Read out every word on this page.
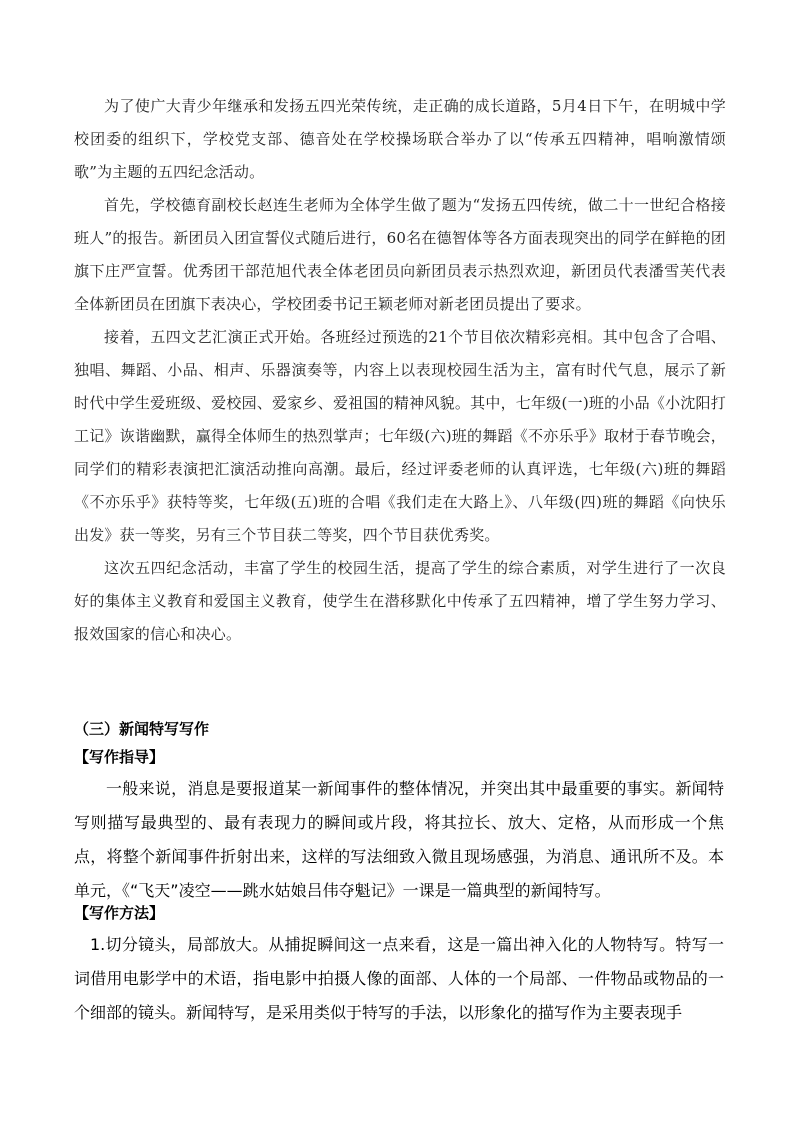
为了使广大青少年继承和发扬五四光荣传统，走正确的成长道路，5月4日下午，在明城中学校团委的组织下，学校党支部、德音处在学校操场联合举办了以“传承五四精神，唱响激情颂歌”为主题的五四纪念活动。

首先，学校德育副校长赵连生老师为全体学生做了题为“发扬五四传统，做二十一世纪合格接班人”的报告。新团员入团宣誓仪式随后进行，60名在德智体等各方面表现突出的同学在鲜艳的团旗下庄严宣誓。优秀团干部范旭代表全体老团员向新团员表示热烈欢迎，新团员代表潘雪芙代表全体新团员在团旗下表决心，学校团委书记王颖老师对新老团员提出了要求。

接着，五四文艺汇演正式开始。各班经过预选的21个节目依次精彩亮相。其中包含了合唱、独唱、舞蹈、小品、相声、乐器演奏等，内容上以表现校园生活为主，富有时代气息，展示了新时代中学生爱班级、爱校园、爱家乡、爱祖国的精神风貌。其中，七年级(一)班的小品《小沈阳打工记》诙谐幽默，赢得全体师生的热烈掌声；七年级(六)班的舞蹈《不亦乐乎》取材于春节晚会，同学们的精彩表演把汇演活动推向高潮。最后，经过评委老师的认真评选，七年级(六)班的舞蹈《不亦乐乎》获特等奖，七年级(五)班的合唱《我们走在大路上》、八年级(四)班的舞蹈《向快乐出发》获一等奖，另有三个节目获二等奖，四个节目获优秀奖。

这次五四纪念活动，丰富了学生的校园生活，提高了学生的综合素质，对学生进行了一次良好的集体主义教育和爱国主义教育，使学生在潜移默化中传承了五四精神，增了学生努力学习、报效国家的信心和决心。

（三）新闻特写写作
【写作指导】

一般来说，消息是要报道某一新闻事件的整体情况，并突出其中最重要的事实。新闻特写则描写最典型的、最有表现力的瞬间或片段，将其拉长、放大、定格，从而形成一个焦点，将整个新闻事件折射出来，这样的写法细致入微且现场感强，为消息、通讯所不及。本单元，《“飞天”凌空——跳水姑娘吕伟夺魁记》一课是一篇典型的新闻特写。

【写作方法】

1.切分镜头，局部放大。从捕捉瞬间这一点来看，这是一篇出神入化的人物特写。特写一词借用电影学中的术语，指电影中拍摄人像的面部、人体的一个局部、一件物品或物品的一个细部的镜头。新闻特写，是采用类似于特写的手法，以形象化的描写作为主要表现手
